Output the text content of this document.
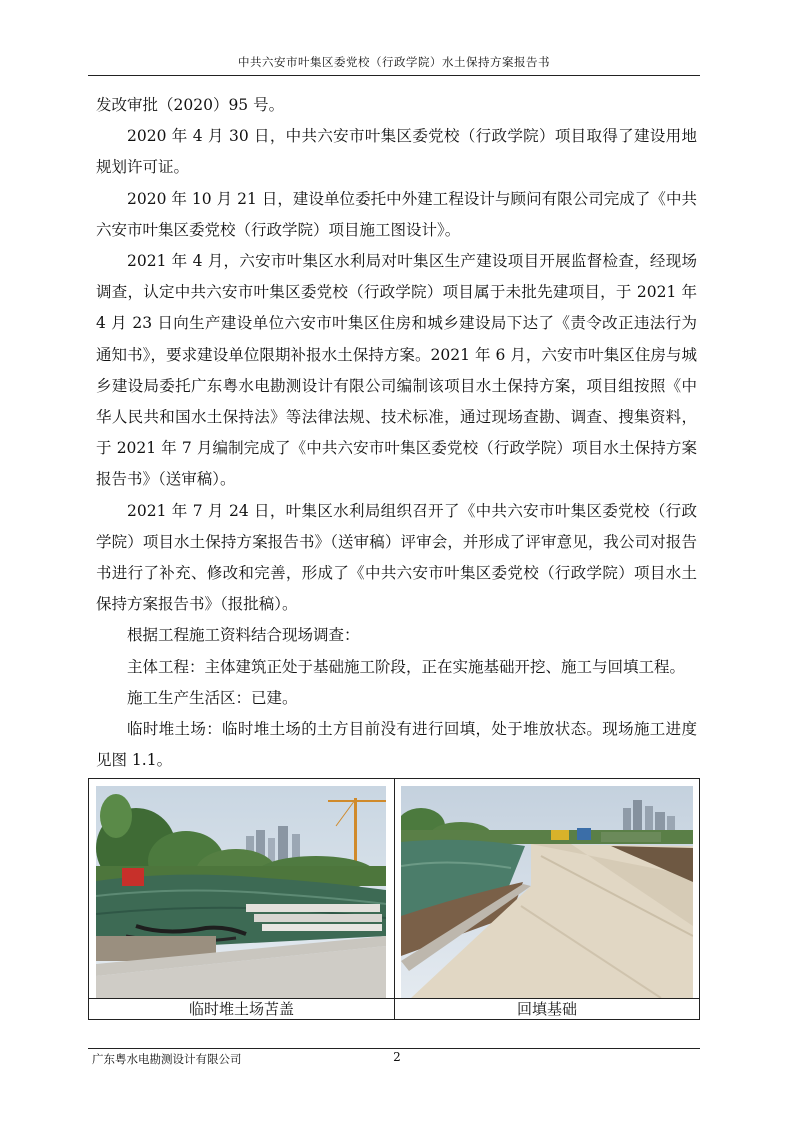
中共六安市叶集区委党校（行政学院）水土保持方案报告书

发改审批（2020）95 号。

2020 年 4 月 30 日，中共六安市叶集区委党校（行政学院）项目取得了建设用地规划许可证。

2020 年 10 月 21 日，建设单位委托中外建工程设计与顾问有限公司完成了《中共六安市叶集区委党校（行政学院）项目施工图设计》。

2021 年 4 月，六安市叶集区水利局对叶集区生产建设项目开展监督检查，经现场调查，认定中共六安市叶集区委党校（行政学院）项目属于未批先建项目，于 2021 年 4 月 23 日向生产建设单位六安市叶集区住房和城乡建设局下达了《责令改正违法行为通知书》，要求建设单位限期补报水土保持方案。2021 年 6 月，六安市叶集区住房与城乡建设局委托广东粤水电勘测设计有限公司编制该项目水土保持方案，项目组按照《中华人民共和国水土保持法》等法律法规、技术标准，通过现场查勘、调查、搜集资料，于 2021 年 7 月编制完成了《中共六安市叶集区委党校（行政学院）项目水土保持方案报告书》（送审稿）。

2021 年 7 月 24 日，叶集区水利局组织召开了《中共六安市叶集区委党校（行政学院）项目水土保持方案报告书》（送审稿）评审会，并形成了评审意见，我公司对报告书进行了补充、修改和完善，形成了《中共六安市叶集区委党校（行政学院）项目水土保持方案报告书》（报批稿）。

根据工程施工资料结合现场调查：

主体工程：主体建筑正处于基础施工阶段，正在实施基础开挖、施工与回填工程。

施工生产生活区：已建。

临时堆土场：临时堆土场的土方目前没有进行回填，处于堆放状态。现场施工进度见图 1.1。

临时堆土场苫盖	回填基础
广东粤水电勘测设计有限公司	2
